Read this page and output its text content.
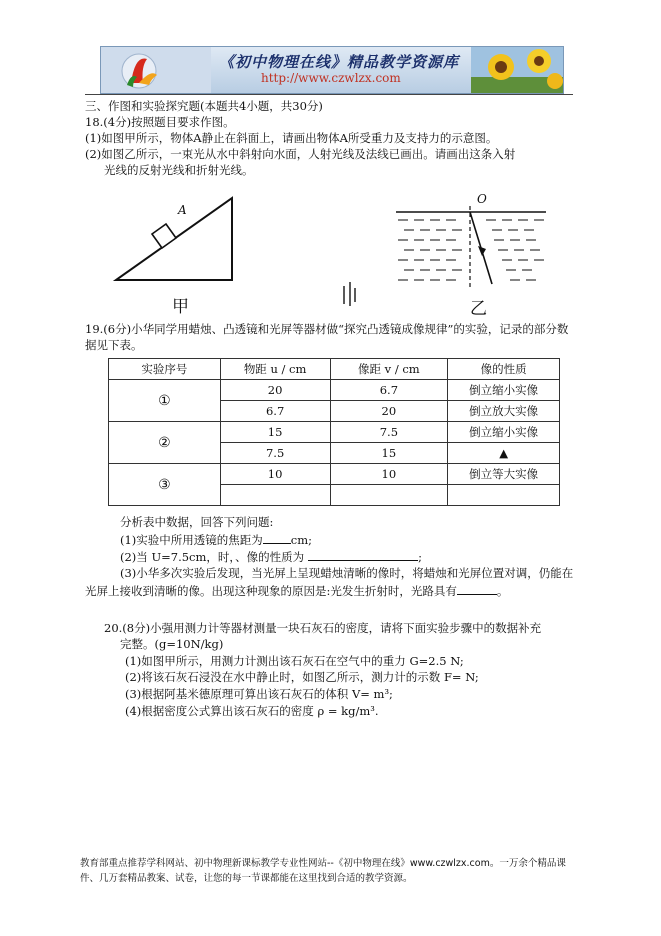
《初中物理在线》精品教学资源库
http://www.czwlzx.com
三、作图和实验探究题(本题共4小题，共30分)
18.(4分)按照题目要求作图。
(1)如图甲所示，物体A静止在斜面上，请画出物体A所受重力及支持力的示意图。
(2)如图乙所示，一束光从水中斜射向水面，人射光线及法线已画出。请画出这条入射
光线的反射光线和折射光线。
A
甲
O
乙
19.(6分)小华同学用蜡烛、凸透镜和光屏等器材做“探究凸透镜成像规律”的实验，记录的部分数
据见下表。
实验序号	物距 u / cm	像距 v / cm	像的性质
①	20	6.7	倒立缩小实像
	6.7	20	倒立放大实像
②	15	7.5	倒立缩小实像
	7.5	15	▲
③	10	10	倒立等大实像

分析表中数据，回答下列问题:
(1)实验中所用透镜的焦距为 cm;
(2)当 U=7.5cm，时，、像的性质为	;
(3)小华多次实验后发现，当光屏上呈现蜡烛清晰的像时，将蜡烛和光屏位置对调，仍能在
光屏上接收到清晰的像。出现这种现象的原因是:光发生折射时，光路具有	。
20.(8分)小强用测力计等器材测量一块石灰石的密度，请将下面实验步骤中的数据补充
完整。(g=10N/kg)
(1)如图甲所示，用测力计测出该石灰石在空气中的重力 G=2.5 N;
(2)将该石灰石浸没在水中静止时，如图乙所示，测力计的示数 F= N;
(3)根据阿基米德原理可算出该石灰石的体积 V= m³;
(4)根据密度公式算出该石灰石的密度 ρ = kg/m³.
教育部重点推荐学科网站、初中物理新课标教学专业性网站--《初中物理在线》www.czwlzx.com。一万余个精品课
件、几万套精品教案、试卷，让您的每一节课都能在这里找到合适的教学资源。
